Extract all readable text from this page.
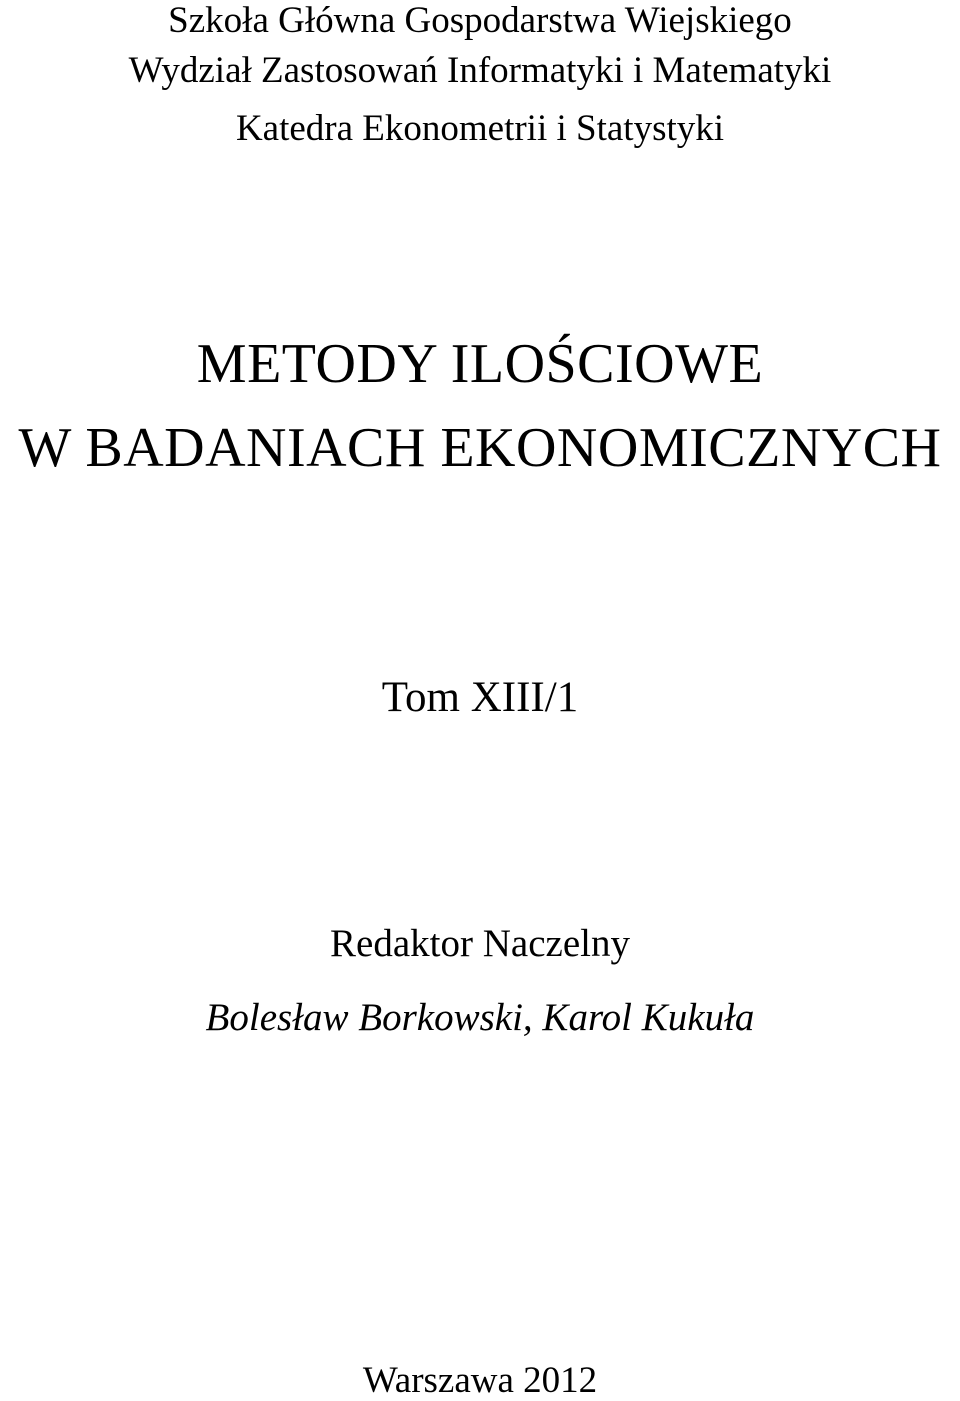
Szkoła Główna Gospodarstwa Wiejskiego

Wydział Zastosowań Informatyki i Matematyki

Katedra Ekonometrii i Statystyki

METODY ILOŚCIOWE

W BADANIACH EKONOMICZNYCH

Tom XIII/1

Redaktor Naczelny

Bolesław Borkowski, Karol Kukuła

Warszawa 2012
